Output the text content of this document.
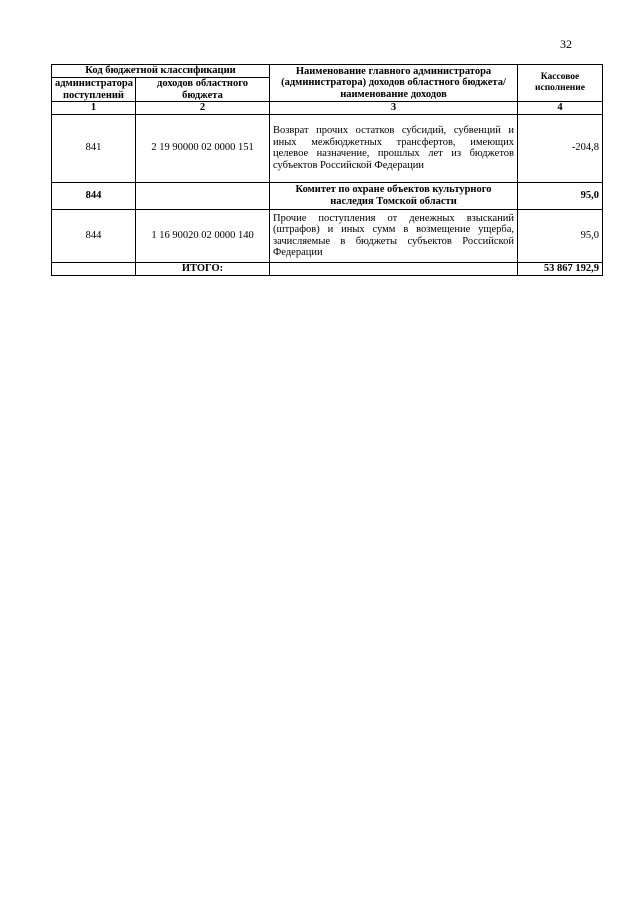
32
Код бюджетной классификации		Наименование главного администратора (администратора) доходов областного бюджета/ наименование доходов	Кассовое исполнение
администратора поступлений	доходов областного бюджета		
1	2	3	4
841	2 19 90000 02 0000 151	Возврат прочих остатков субсидий, субвенций и иных межбюджетных трансфертов, имеющих целевое назначение, прошлых лет из бюджетов субъектов Российской Федерации	-204,8
844		Комитет по охране объектов культурного наследия Томской области	95,0
844	1 16 90020 02 0000 140	Прочие поступления от денежных взысканий (штрафов) и иных сумм в возмещение ущерба, зачисляемые в бюджеты субъектов Российской Федерации	95,0
	ИТОГО:		53 867 192,9
